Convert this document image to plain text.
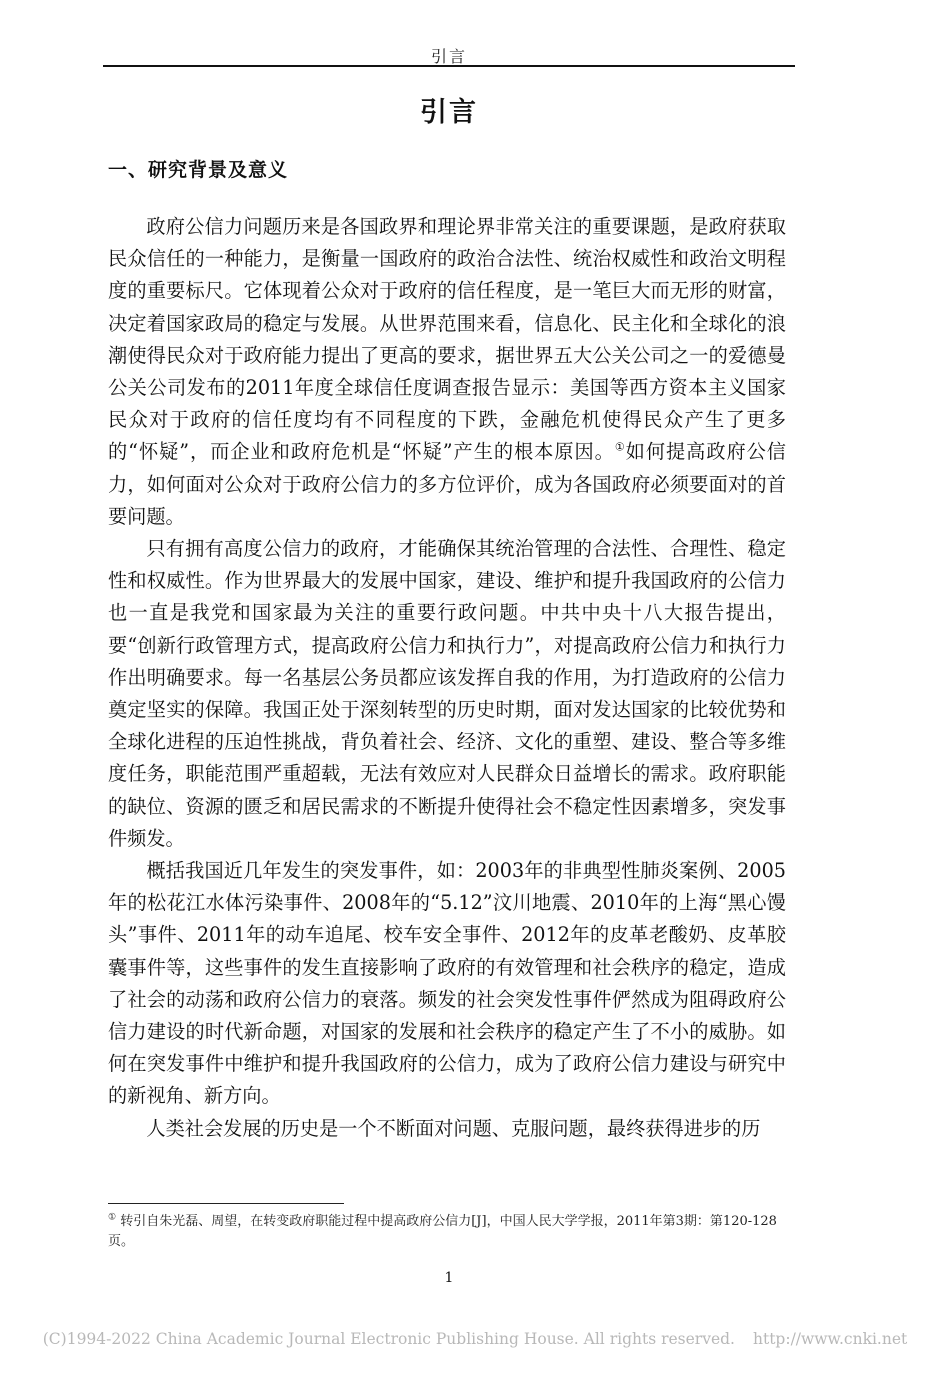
引言
引言
一、研究背景及意义

政府公信力问题历来是各国政界和理论界非常关注的重要课题，是政府获取民众信任的一种能力，是衡量一国政府的政治合法性、统治权威性和政治文明程度的重要标尺。它体现着公众对于政府的信任程度，是一笔巨大而无形的财富，决定着国家政局的稳定与发展。从世界范围来看，信息化、民主化和全球化的浪潮使得民众对于政府能力提出了更高的要求，据世界五大公关公司之一的爱德曼公关公司发布的2011年度全球信任度调查报告显示：美国等西方资本主义国家民众对于政府的信任度均有不同程度的下跌，金融危机使得民众产生了更多的“怀疑”，而企业和政府危机是“怀疑”产生的根本原因。①如何提高政府公信力，如何面对公众对于政府公信力的多方位评价，成为各国政府必须要面对的首要问题。

只有拥有高度公信力的政府，才能确保其统治管理的合法性、合理性、稳定性和权威性。作为世界最大的发展中国家，建设、维护和提升我国政府的公信力也一直是我党和国家最为关注的重要行政问题。中共中央十八大报告提出，要“创新行政管理方式，提高政府公信力和执行力”，对提高政府公信力和执行力作出明确要求。每一名基层公务员都应该发挥自我的作用，为打造政府的公信力奠定坚实的保障。我国正处于深刻转型的历史时期，面对发达国家的比较优势和全球化进程的压迫性挑战，背负着社会、经济、文化的重塑、建设、整合等多维度任务，职能范围严重超载，无法有效应对人民群众日益增长的需求。政府职能的缺位、资源的匮乏和居民需求的不断提升使得社会不稳定性因素增多，突发事件频发。

概括我国近几年发生的突发事件，如：2003年的非典型性肺炎案例、2005年的松花江水体污染事件、2008年的“5.12”汶川地震、2010年的上海“黑心馒头”事件、2011年的动车追尾、校车安全事件、2012年的皮革老酸奶、皮革胶囊事件等，这些事件的发生直接影响了政府的有效管理和社会秩序的稳定，造成了社会的动荡和政府公信力的衰落。频发的社会突发性事件俨然成为阻碍政府公信力建设的时代新命题，对国家的发展和社会秩序的稳定产生了不小的威胁。如何在突发事件中维护和提升我国政府的公信力，成为了政府公信力建设与研究中的新视角、新方向。

人类社会发展的历史是一个不断面对问题、克服问题，最终获得进步的历

① 转引自朱光磊、周望，在转变政府职能过程中提高政府公信力[J]，中国人民大学学报，2011年第3期：第120-128页。
1
(C)1994-2022 China Academic Journal Electronic Publishing House. All rights reserved. http://www.cnki.net
